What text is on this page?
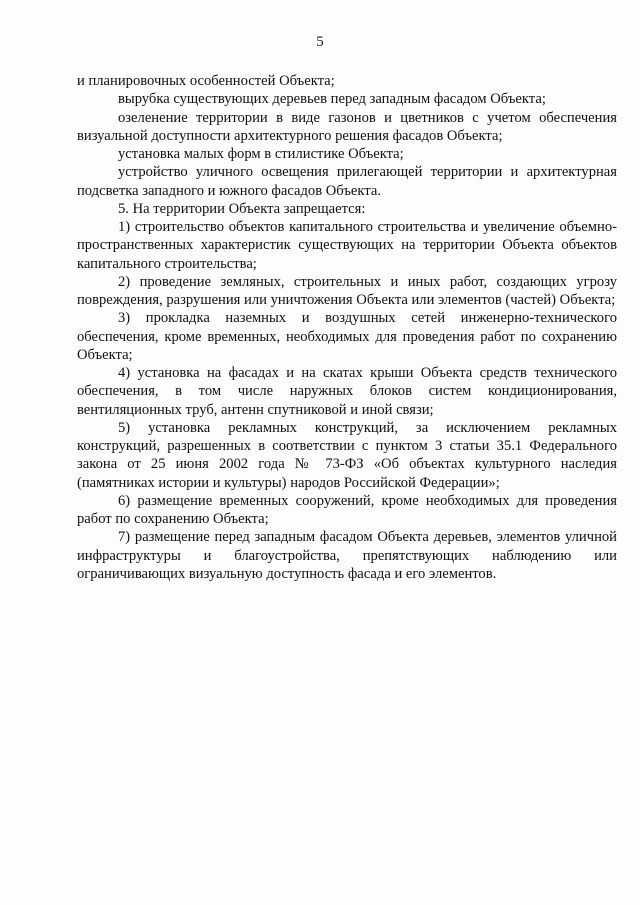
5

и планировочных особенностей Объекта;

вырубка существующих деревьев перед западным фасадом Объекта;

озеленение территории в виде газонов и цветников с учетом обеспечения визуальной доступности архитектурного решения фасадов Объекта;

установка малых форм в стилистике Объекта;

устройство уличного освещения прилегающей территории и архитектурная подсветка западного и южного фасадов Объекта.

5. На территории Объекта запрещается:

1) строительство объектов капитального строительства и увеличение объемно-пространственных характеристик существующих на территории Объекта объектов капитального строительства;

2) проведение земляных, строительных и иных работ, создающих угрозу повреждения, разрушения или уничтожения Объекта или элементов (частей) Объекта;

3) прокладка наземных и воздушных сетей инженерно-технического обеспечения, кроме временных, необходимых для проведения работ по сохранению Объекта;

4) установка на фасадах и на скатах крыши Объекта средств технического обеспечения, в том числе наружных блоков систем кондиционирования, вентиляционных труб, антенн спутниковой и иной связи;

5) установка рекламных конструкций, за исключением рекламных конструкций, разрешенных в соответствии с пунктом 3 статьи 35.1 Федерального закона от 25 июня 2002 года № 73-ФЗ «Об объектах культурного наследия (памятниках истории и культуры) народов Российской Федерации»;

6) размещение временных сооружений, кроме необходимых для проведения работ по сохранению Объекта;

7) размещение перед западным фасадом Объекта деревьев, элементов уличной инфраструктуры и благоустройства, препятствующих наблюдению или ограничивающих визуальную доступность фасада и его элементов.
